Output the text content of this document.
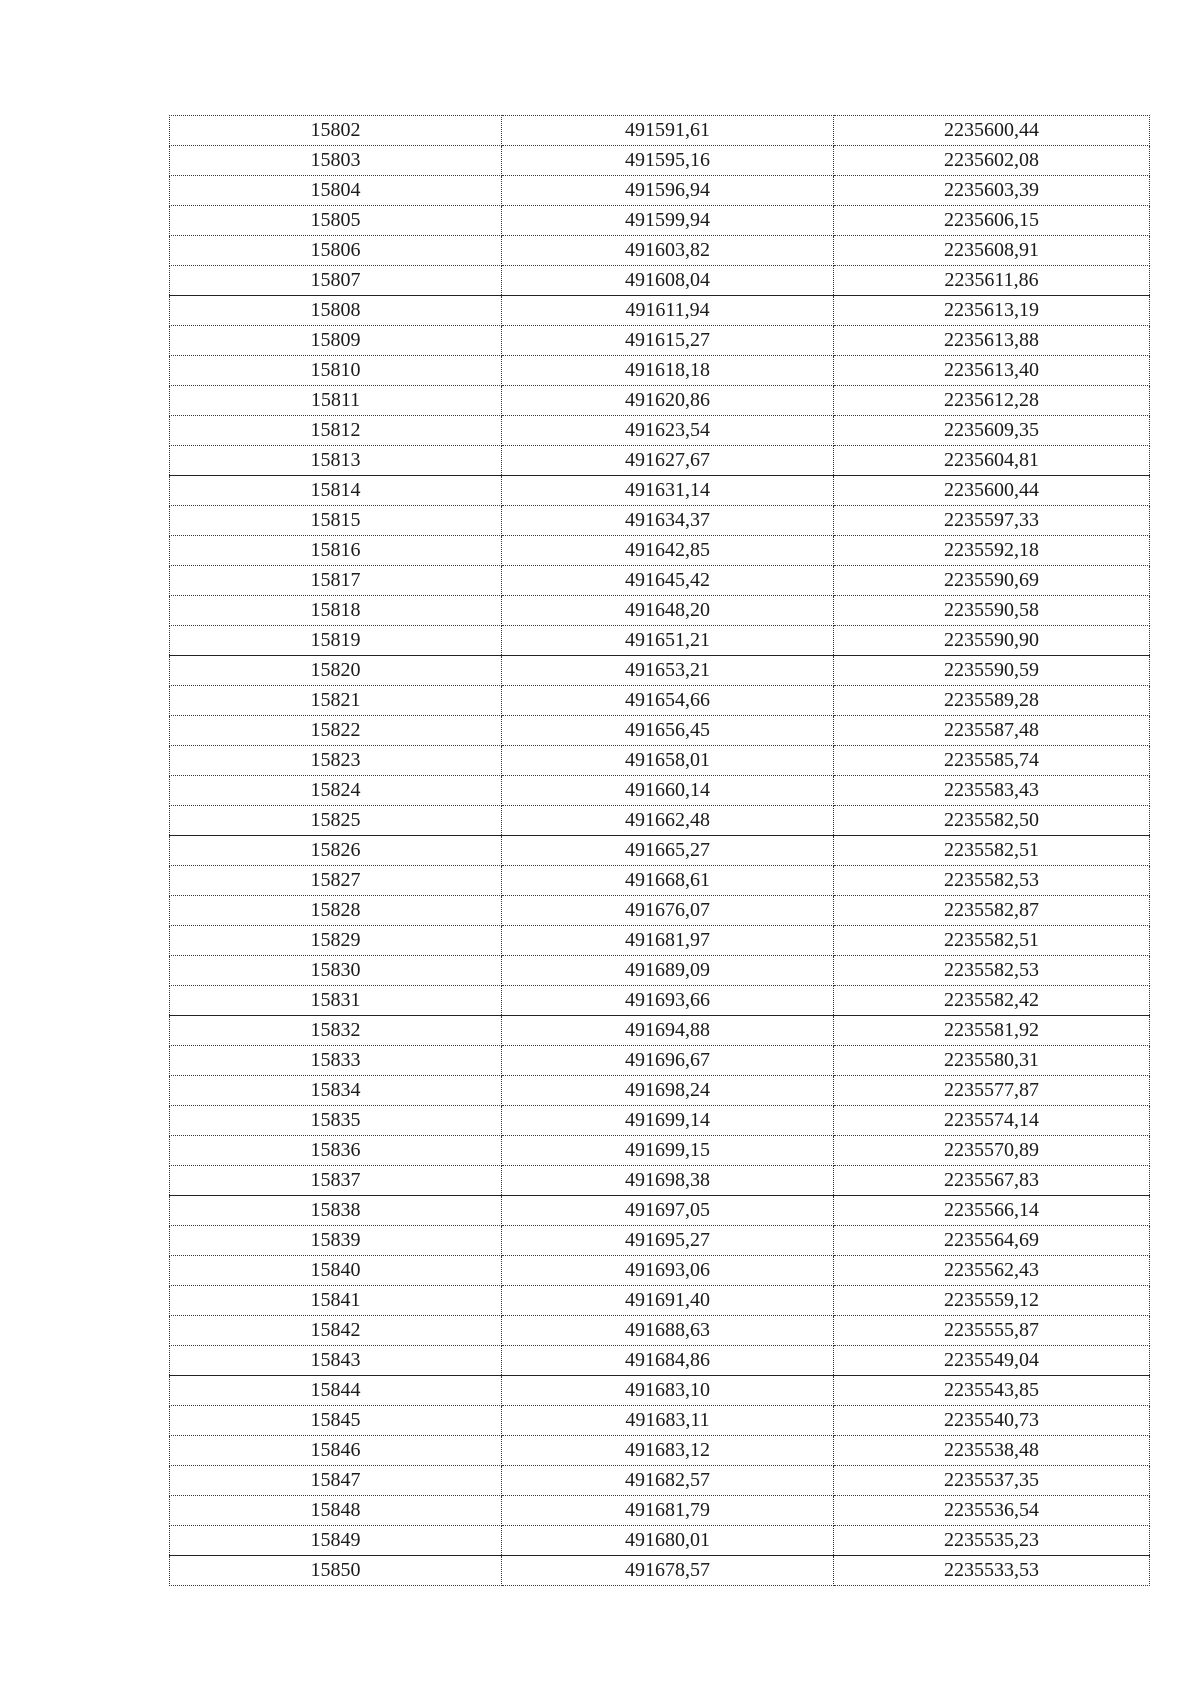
15802	491591,61	2235600,44
15803	491595,16	2235602,08
15804	491596,94	2235603,39
15805	491599,94	2235606,15
15806	491603,82	2235608,91
15807	491608,04	2235611,86
15808	491611,94	2235613,19
15809	491615,27	2235613,88
15810	491618,18	2235613,40
15811	491620,86	2235612,28
15812	491623,54	2235609,35
15813	491627,67	2235604,81
15814	491631,14	2235600,44
15815	491634,37	2235597,33
15816	491642,85	2235592,18
15817	491645,42	2235590,69
15818	491648,20	2235590,58
15819	491651,21	2235590,90
15820	491653,21	2235590,59
15821	491654,66	2235589,28
15822	491656,45	2235587,48
15823	491658,01	2235585,74
15824	491660,14	2235583,43
15825	491662,48	2235582,50
15826	491665,27	2235582,51
15827	491668,61	2235582,53
15828	491676,07	2235582,87
15829	491681,97	2235582,51
15830	491689,09	2235582,53
15831	491693,66	2235582,42
15832	491694,88	2235581,92
15833	491696,67	2235580,31
15834	491698,24	2235577,87
15835	491699,14	2235574,14
15836	491699,15	2235570,89
15837	491698,38	2235567,83
15838	491697,05	2235566,14
15839	491695,27	2235564,69
15840	491693,06	2235562,43
15841	491691,40	2235559,12
15842	491688,63	2235555,87
15843	491684,86	2235549,04
15844	491683,10	2235543,85
15845	491683,11	2235540,73
15846	491683,12	2235538,48
15847	491682,57	2235537,35
15848	491681,79	2235536,54
15849	491680,01	2235535,23
15850	491678,57	2235533,53
